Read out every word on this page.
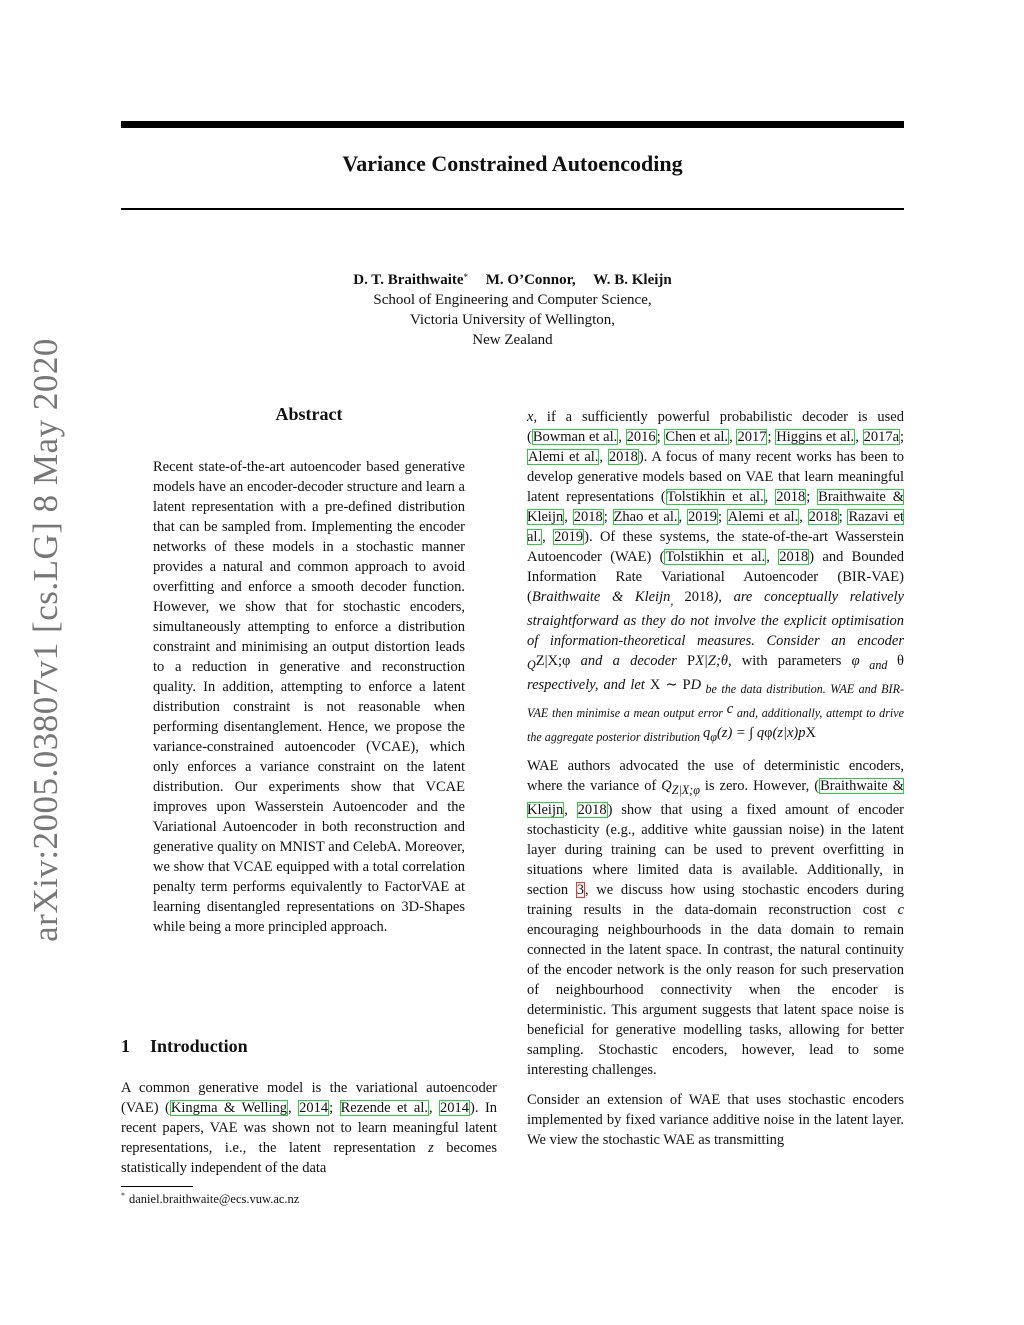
Variance Constrained Autoencoding
D. T. Braithwaite* M. O’Connor, W. B. Kleijn
School of Engineering and Computer Science,
Victoria University of Wellington,
New Zealand
arXiv:2005.03807v1 [cs.LG] 8 May 2020	Abstract

Recent state-of-the-art autoencoder based generative models have an encoder-decoder structure and learn a latent representation with a pre-defined distribution that can be sampled from. Implementing the encoder networks of these models in a stochastic manner provides a natural and common approach to avoid overfitting and enforce a smooth decoder function. However, we show that for stochastic encoders, simultaneously attempting to enforce a distribution constraint and minimising an output distortion leads to a reduction in generative and reconstruction quality. In addition, attempting to enforce a latent distribution constraint is not reasonable when performing disentanglement. Hence, we propose the variance-constrained autoencoder (VCAE), which only enforces a variance constraint on the latent distribution. Our experiments show that VCAE improves upon Wasserstein Autoencoder and the Variational Autoencoder in both reconstruction and generative quality on MNIST and CelebA. Moreover, we show that VCAE equipped with a total correlation penalty term performs equivalently to FactorVAE at learning disentangled representations on 3D-Shapes while being a more principled approach.

1 Introduction

A common generative model is the variational autoencoder (VAE) (Kingma & Welling, 2014; Rezende et al., 2014). In recent papers, VAE was shown not to learn meaningful latent representations, i.e., the latent representation z becomes statistically independent of the data

* daniel.braithwaite@ecs.vuw.ac.nz

x, if a sufficiently powerful probabilistic decoder is used (Bowman et al., 2016; Chen et al., 2017; Higgins et al., 2017a; Alemi et al., 2018). A focus of many recent works has been to develop generative models based on VAE that learn meaningful latent representations (Tolstikhin et al., 2018; Braithwaite & Kleijn, 2018; Zhao et al., 2019; Alemi et al., 2018; Razavi et al., 2019). Of these systems, the state-of-the-art Wasserstein Autoencoder (WAE) (Tolstikhin et al., 2018) and Bounded Information Rate Variational Autoencoder (BIR-VAE) (Braithwaite & Kleijn$_,$ 2018), are conceptually relatively straightforward as they do not involve the explicit optimisation of information-theoretical measures. Consider an encoder $_Q$Z|X;φ and a decoder PX|Z;θ, with parameters φ $_{and}$ θ respectively, and let X ∼ PD $_{be the data distribution. WAE and BIR-VAE then minimise a mean output error}$ c $_{and, additionally, attempt to drive the aggregate posterior distribution}$ $q_\varphi(z)$ = ∫ qφ(z|x)pX

WAE authors advocated the use of deterministic encoders, where the variance of $Q_{Z|X;\varphi}$ is zero. However, (Braithwaite & Kleijn, 2018) show that using a fixed amount of encoder stochasticity (e.g., additive white gaussian noise) in the latent layer during training can be used to prevent overfitting in situations where limited data is available. Additionally, in section 3, we discuss how using stochastic encoders during training results in the data-domain reconstruction cost c encouraging neighbourhoods in the data domain to remain connected in the latent space. In contrast, the natural continuity of the encoder network is the only reason for such preservation of neighbourhood connectivity when the encoder is deterministic. This argument suggests that latent space noise is beneficial for generative modelling tasks, allowing for better sampling. Stochastic encoders, however, lead to some interesting challenges.

Consider an extension of WAE that uses stochastic encoders implemented by fixed variance additive noise in the latent layer. We view the stochastic WAE as transmitting
